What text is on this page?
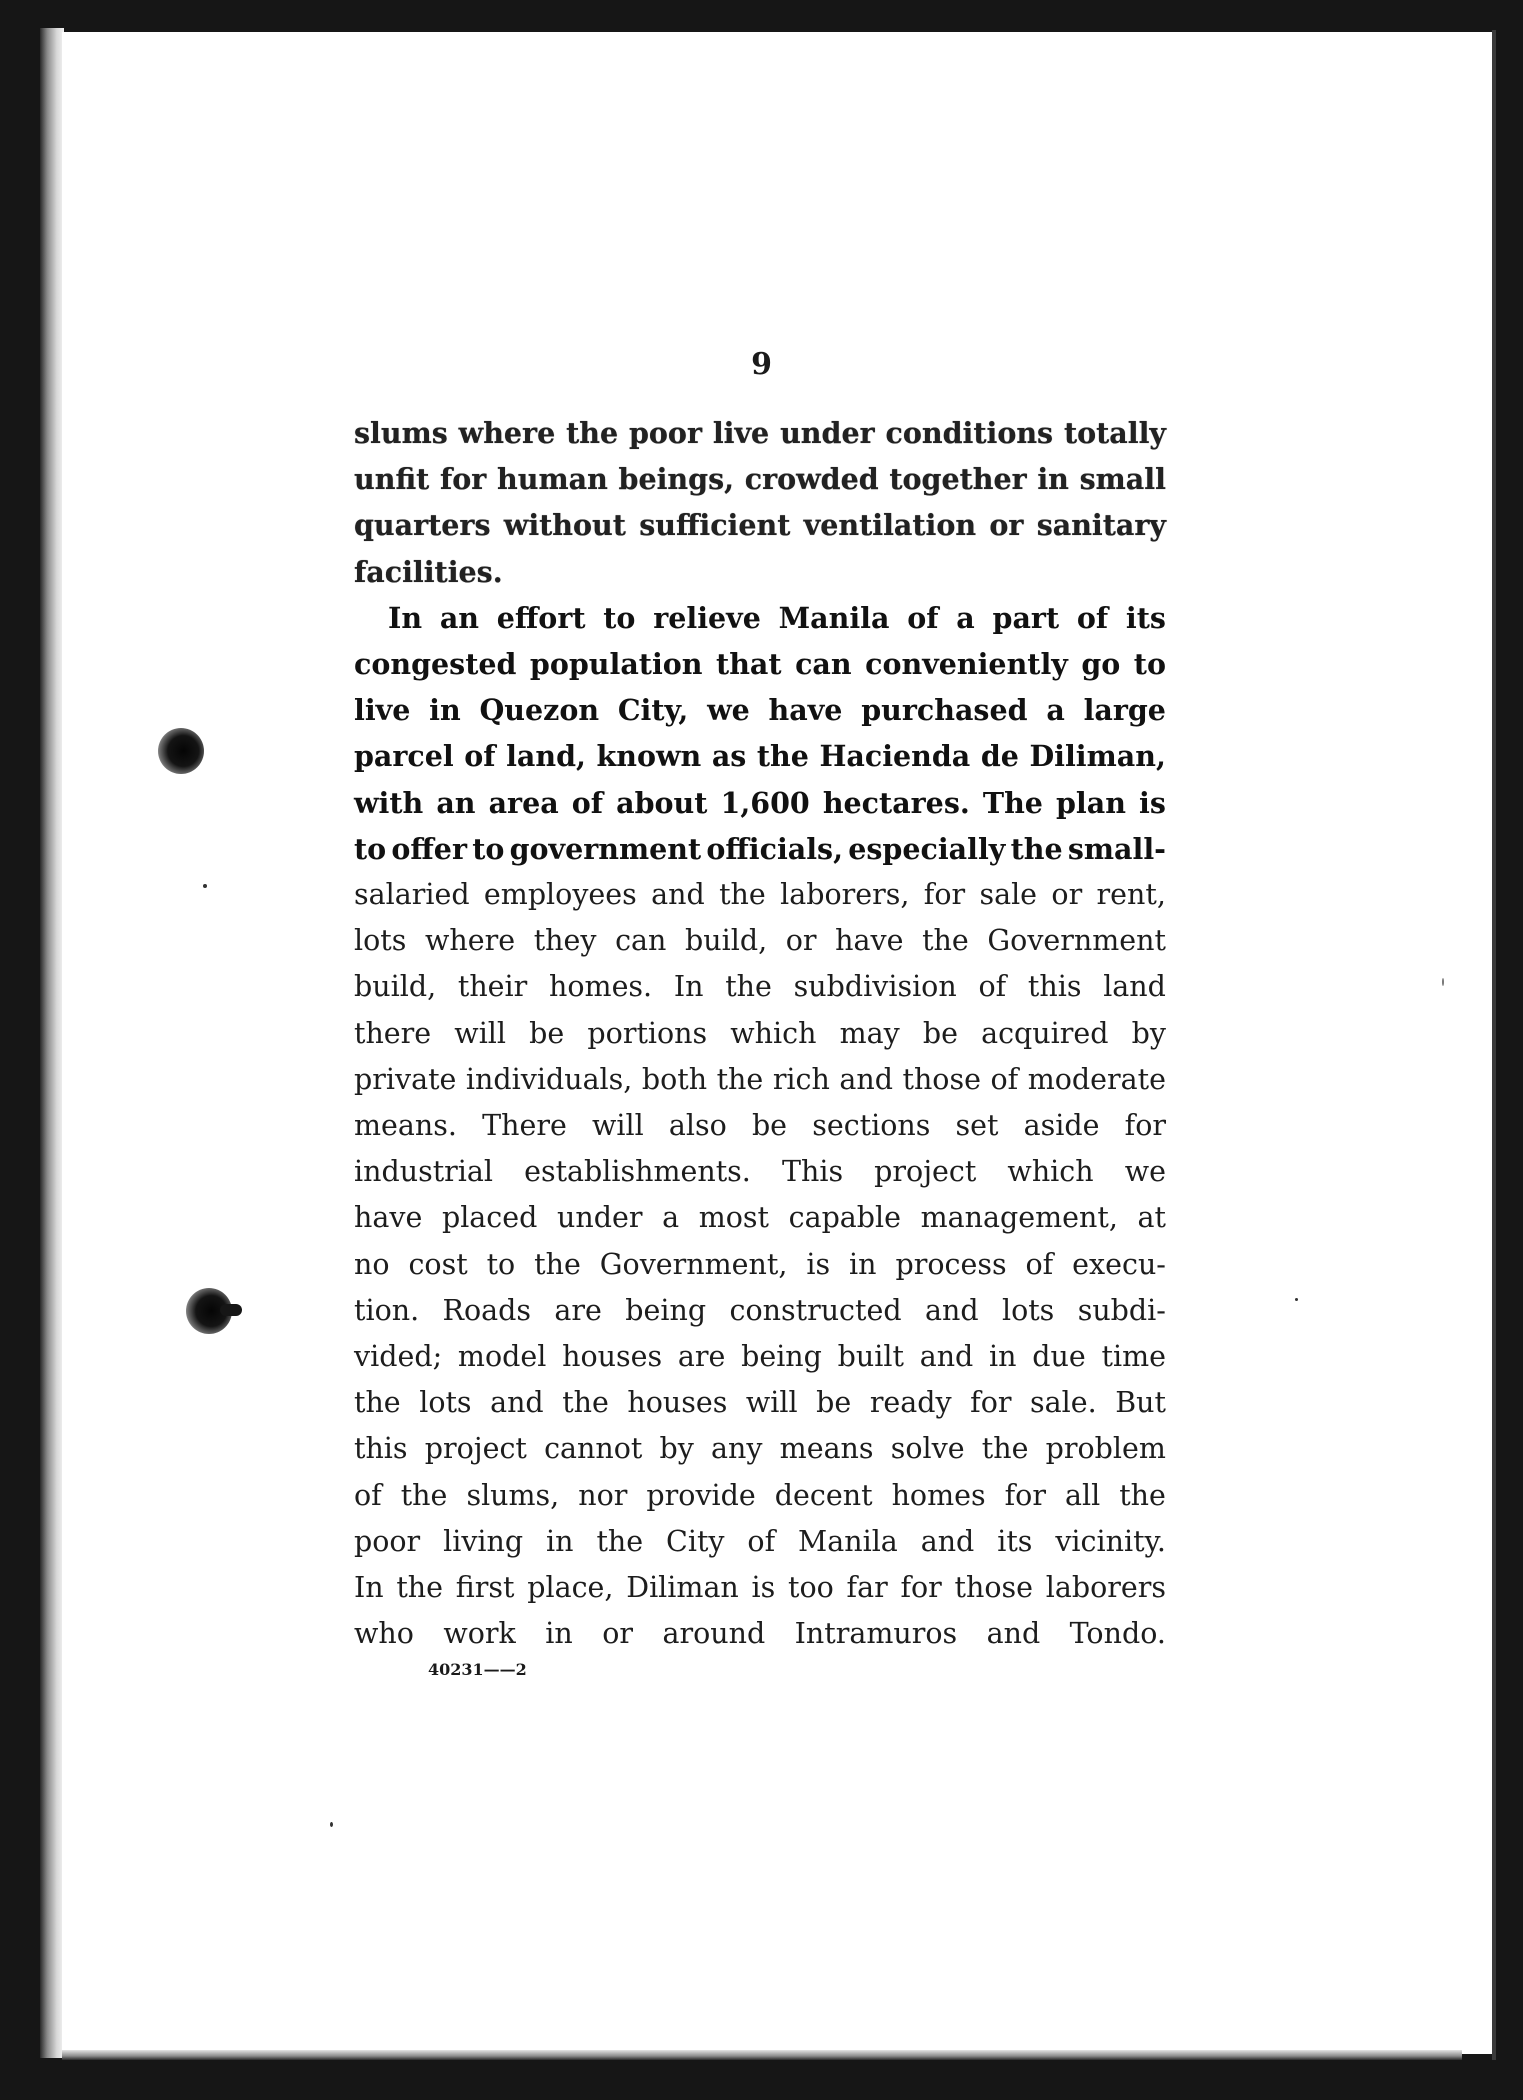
9
slums where the poor live under conditions totally
unfit for human beings, crowded together in small
quarters without sufficient ventilation or sanitary
facilities.
In an effort to relieve Manila of a part of its
congested population that can conveniently go to
live in Quezon City, we have purchased a large
parcel of land, known as the Hacienda de Diliman,
with an area of about 1,600 hectares. The plan is
to offer to government officials, especially the small-
salaried employees and the laborers, for sale or rent,
lots where they can build, or have the Government
build, their homes. In the subdivision of this land
there will be portions which may be acquired by
private individuals, both the rich and those of moderate
means. There will also be sections set aside for
industrial establishments. This project which we
have placed under a most capable management, at
no cost to the Government, is in process of execu-
tion. Roads are being constructed and lots subdi-
vided; model houses are being built and in due time
the lots and the houses will be ready for sale. But
this project cannot by any means solve the problem
of the slums, nor provide decent homes for all the
poor living in the City of Manila and its vicinity.
In the first place, Diliman is too far for those laborers
who work in or around Intramuros and Tondo.
40231——2
